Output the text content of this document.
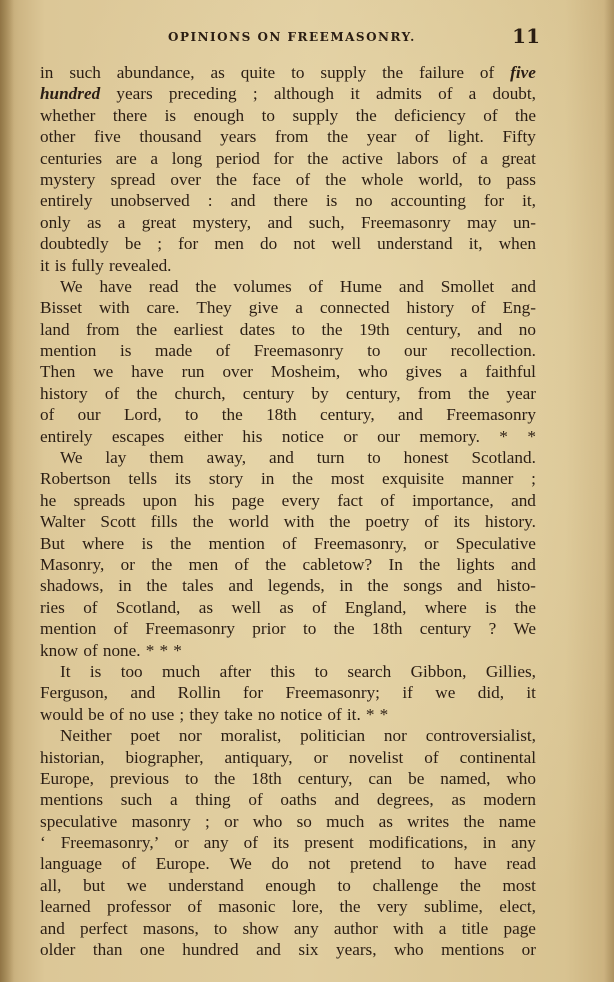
OPINIONS ON FREEMASONRY.	11
in such abundance, as quite to supply the failure of five
hundred years preceding ; although it admits of a doubt,
whether there is enough to supply the deficiency of the
other five thousand years from the year of light. Fifty
centuries are a long period for the active labors of a great
mystery spread over the face of the whole world, to pass
entirely unobserved : and there is no accounting for it,
only as a great mystery, and such, Freemasonry may un-
doubtedly be ; for men do not well understand it, when
it is fully revealed.
We have read the volumes of Hume and Smollet and
Bisset with care. They give a connected history of Eng-
land from the earliest dates to the 19th century, and no
mention is made of Freemasonry to our recollection.
Then we have run over Mosheim, who gives a faithful
history of the church, century by century, from the year
of our Lord, to the 18th century, and Freemasonry
entirely escapes either his notice or our memory. * *
We lay them away, and turn to honest Scotland.
Robertson tells its story in the most exquisite manner ;
he spreads upon his page every fact of importance, and
Walter Scott fills the world with the poetry of its history.
But where is the mention of Freemasonry, or Speculative
Masonry, or the men of the cabletow? In the lights and
shadows, in the tales and legends, in the songs and histo-
ries of Scotland, as well as of England, where is the
mention of Freemasonry prior to the 18th century ? We
know of none. * * *
It is too much after this to search Gibbon, Gillies,
Ferguson, and Rollin for Freemasonry; if we did, it
would be of no use ; they take no notice of it. * *
Neither poet nor moralist, politician nor controversialist,
historian, biographer, antiquary, or novelist of continental
Europe, previous to the 18th century, can be named, who
mentions such a thing of oaths and degrees, as modern
speculative masonry ; or who so much as writes the name
‘ Freemasonry,’ or any of its present modifications, in any
language of Europe. We do not pretend to have read
all, but we understand enough to challenge the most
learned professor of masonic lore, the very sublime, elect,
and perfect masons, to show any author with a title page
older than one hundred and six years, who mentions or
